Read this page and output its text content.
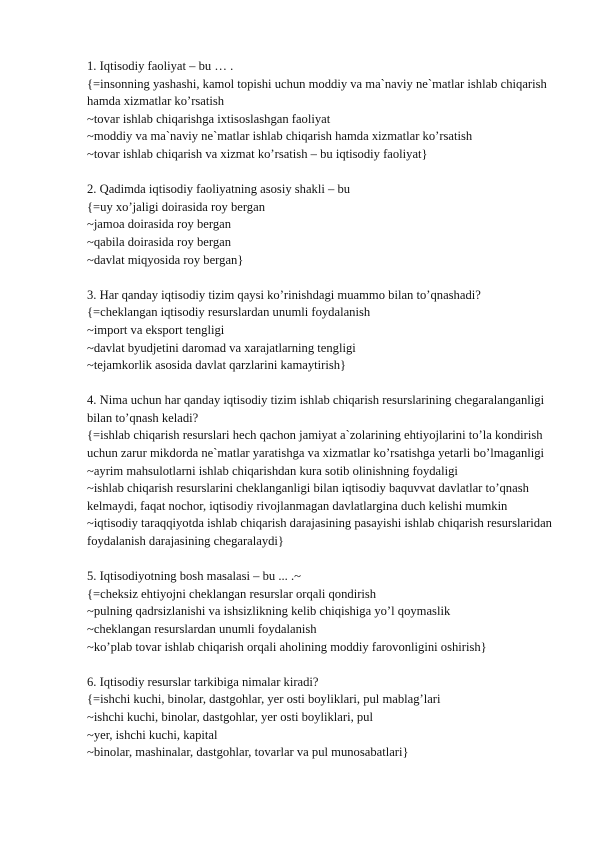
1. Iqtisodiy faoliyat – bu … .
{=insonning yashashi, kamol topishi uchun moddiy va ma`naviy ne`matlar ishlab chiqarish hamda xizmatlar ko’rsatish
~tovar ishlab chiqarishga ixtisoslashgan faoliyat
~moddiy va ma`naviy ne`matlar ishlab chiqarish hamda xizmatlar ko’rsatish
~tovar ishlab chiqarish va xizmat ko’rsatish – bu iqtisodiy faoliyat}
2. Qadimda iqtisodiy faoliyatning asosiy shakli – bu
{=uy xo’jaligi doirasida roy bergan
~jamoa doirasida roy bergan
~qabila doirasida roy bergan
~davlat miqyosida roy bergan}
3. Har qanday iqtisodiy tizim qaysi ko’rinishdagi muammo bilan to’qnashadi?
{=cheklangan iqtisodiy resurslardan unumli foydalanish
~import va eksport tengligi
~davlat byudjetini daromad va xarajatlarning tengligi
~tejamkorlik asosida davlat qarzlarini kamaytirish}
4. Nima uchun har qanday iqtisodiy tizim ishlab chiqarish resurslarining chegaralanganligi bilan to’qnash keladi?
{=ishlab chiqarish resurslari hech qachon jamiyat a`zolarining ehtiyojlarini to’la kondirish uchun zarur mikdorda ne`matlar yaratishga va xizmatlar ko’rsatishga yetarli bo’lmaganligi
~ayrim mahsulotlarni ishlab chiqarishdan kura sotib olinishning foydaligi
~ishlab chiqarish resurslarini cheklanganligi bilan iqtisodiy baquvvat davlatlar to’qnash kelmaydi, faqat nochor, iqtisodiy rivojlanmagan davlatlargina duch kelishi mumkin
~iqtisodiy taraqqiyotda ishlab chiqarish darajasining pasayishi ishlab chiqarish resurslaridan foydalanish darajasining chegaralaydi}
5. Iqtisodiyotning bosh masalasi – bu ... .~
{=cheksiz ehtiyojni cheklangan resurslar orqali qondirish
~pulning qadrsizlanishi va ishsizlikning kelib chiqishiga yo’l qoymaslik
~cheklangan resurslardan unumli foydalanish
~ko’plab tovar ishlab chiqarish orqali aholining moddiy farovonligini oshirish}
6. Iqtisodiy resurslar tarkibiga nimalar kiradi?
{=ishchi kuchi, binolar, dastgohlar, yer osti boyliklari, pul mablag’lari
~ishchi kuchi, binolar, dastgohlar, yer osti boyliklari, pul
~yer, ishchi kuchi, kapital
~binolar, mashinalar, dastgohlar, tovarlar va pul munosabatlari}
